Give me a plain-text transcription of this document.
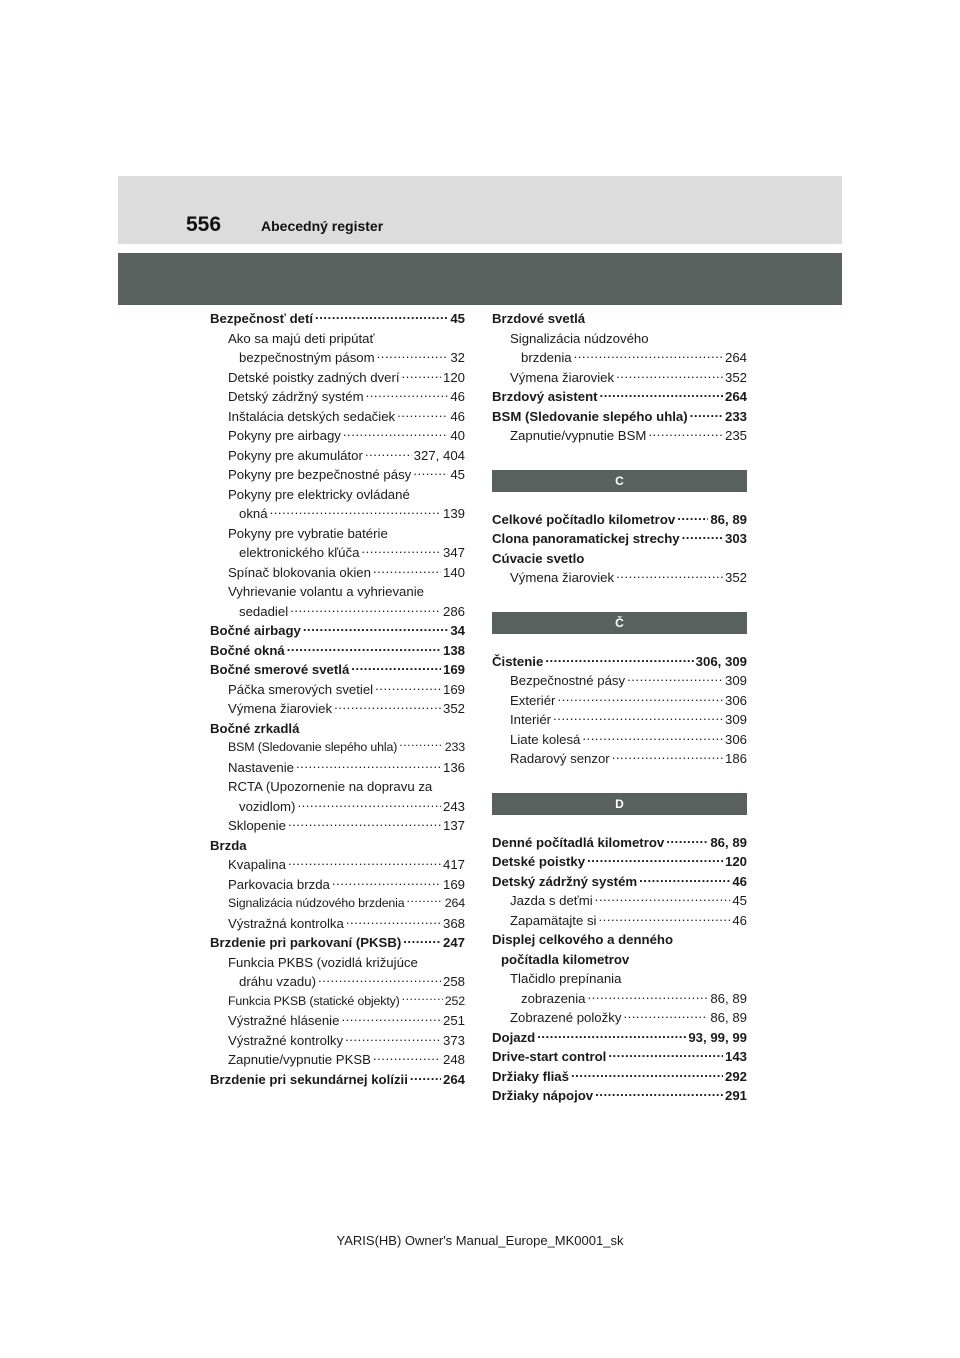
556	Abecedný register
Bezpečnosť detí .....	45
Ako sa majú deti pripútať
bezpečnostným pásom .....	32
Detské poistky zadných dverí .....	120
Detský zádržný systém .....	46
Inštalácia detských sedačiek .....	46
Pokyny pre airbagy .....	40
Pokyny pre akumulátor .....	327, 404
Pokyny pre bezpečnostné pásy .....	45
Pokyny pre elektricky ovládané
okná .....	139
Pokyny pre vybratie batérie
elektronického kľúča .....	347
Spínač blokovania okien .....	140
Vyhrievanie volantu a vyhrievanie
sedadiel .....	286
Bočné airbagy .....	34
Bočné okná .....	138
Bočné smerové svetlá .....	169
Páčka smerových svetiel .....	169
Výmena žiaroviek .....	352
Bočné zrkadlá
BSM (Sledovanie slepého uhla) .....	233
Nastavenie .....	136
RCTA (Upozornenie na dopravu za
vozidlom) .....	243
Sklopenie .....	137
Brzda
Kvapalina .....	417
Parkovacia brzda .....	169
Signalizácia núdzového brzdenia .....	264
Výstražná kontrolka .....	368
Brzdenie pri parkovaní (PKSB) .....	247
Funkcia PKBS (vozidlá križujúce
dráhu vzadu) .....	258
Funkcia PKSB (statické objekty) .....	252
Výstražné hlásenie .....	251
Výstražné kontrolky .....	373
Zapnutie/vypnutie PKSB .....	248
Brzdenie pri sekundárnej kolízii .....	264
Brzdové svetlá
Signalizácia núdzového
brzdenia .....	264
Výmena žiaroviek .....	352
Brzdový asistent .....	264
BSM (Sledovanie slepého uhla) .....	233
Zapnutie/vypnutie BSM .....	235
C
Celkové počítadlo kilometrov .....	86, 89
Clona panoramatickej strechy .....	303
Cúvacie svetlo
Výmena žiaroviek .....	352
Č
Čistenie .....	306, 309
Bezpečnostné pásy .....	309
Exteriér .....	306
Interiér .....	309
Liate kolesá .....	306
Radarový senzor .....	186
D
Denné počítadlá kilometrov .....	86, 89
Detské poistky .....	120
Detský zádržný systém .....	46
Jazda s deťmi .....	45
Zapamätajte si .....	46
Displej celkového a denného
počítadla kilometrov
Tlačidlo prepínania
zobrazenia .....	86, 89
Zobrazené položky .....	86, 89
Dojazd .....	93, 99, 99
Drive-start control .....	143
Držiaky fliaš .....	292
Držiaky nápojov .....	291
YARIS(HB) Owner's Manual_Europe_MK0001_sk
